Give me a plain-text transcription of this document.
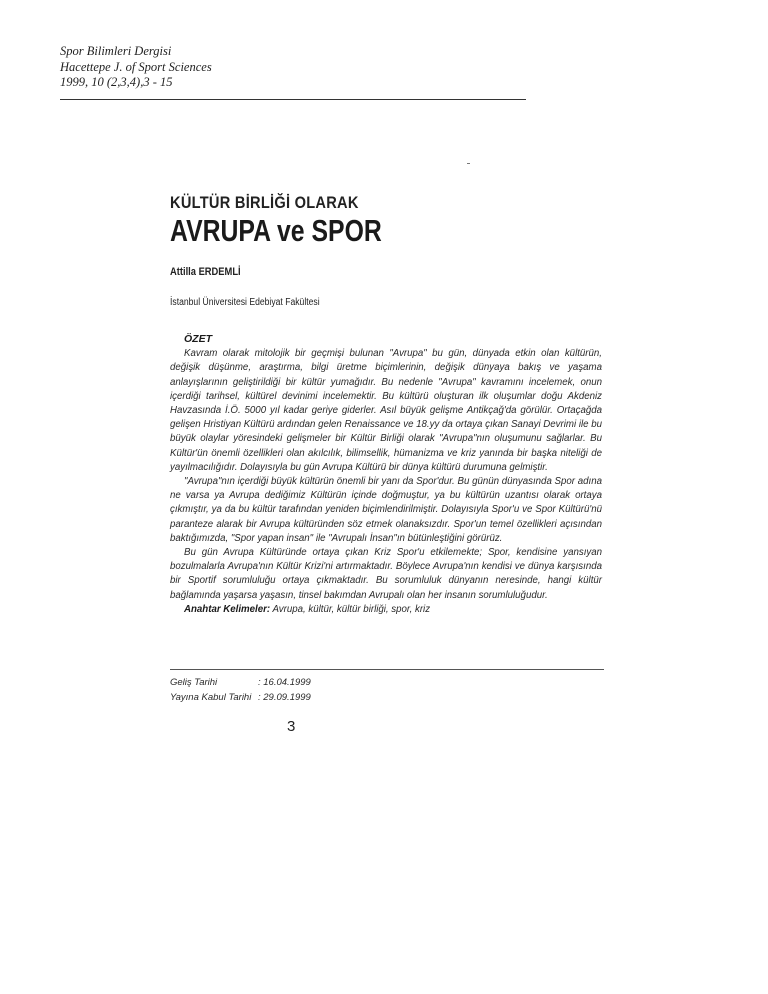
Spor Bilimleri Dergisi
Hacettepe J. of Sport Sciences
1999, 10 (2,3,4),3 - 15
KÜLTÜR BİRLİĞİ OLARAK
AVRUPA ve SPOR
Attilla ERDEMLİ
İstanbul Üniversitesi Edebiyat Fakültesi
ÖZET

Kavram olarak mitolojik bir geçmişi bulunan "Avrupa" bu gün, dünyada etkin olan kültürün, değişik düşünme, araştırma, bilgi üretme biçimlerinin, değişik dünyaya bakış ve yaşama anlayışlarının geliştirildiği bir kültür yumağıdır. Bu nedenle "Avrupa" kavramını incelemek, onun içerdiği tarihsel, kültürel devinimi incelemektir. Bu kültürü oluşturan ilk oluşumlar doğu Akdeniz Havzasında İ.Ö. 5000 yıl kadar geriye giderler. Asıl büyük gelişme Antikçağ'da görülür. Ortaçağda gelişen Hristiyan Kültürü ardından gelen Renaissance ve 18.yy da ortaya çıkan Sanayi Devrimi ile bu büyük olaylar yöresindeki gelişmeler bir Kültür Birliği olarak "Avrupa"nın oluşumunu sağlarlar. Bu Kültür'ün önemli özellikleri olan akılcılık, bilimsellik, hümanizma ve kriz yanında bir başka niteliği de yayılmacılığıdır. Dolayısıyla bu gün Avrupa Kültürü bir dünya kültürü durumuna gelmiştir.

"Avrupa"nın içerdiği büyük kültürün önemli bir yanı da Spor'dur. Bu günün dünyasında Spor adına ne varsa ya Avrupa dediğimiz Kültürün içinde doğmuştur, ya bu kültürün uzantısı olarak ortaya çıkmıştır, ya da bu kültür tarafından yeniden biçimlendirilmiştir. Dolayısıyla Spor'u ve Spor Kültürü'nü paranteze alarak bir Avrupa kültüründen söz etmek olanaksızdır. Spor'un temel özellikleri açısından baktığımızda, "Spor yapan insan" ile "Avrupalı İnsan"ın bütünleştiğini görürüz.

Bu gün Avrupa Kültüründe ortaya çıkan Kriz Spor'u etkilemekte; Spor, kendisine yansıyan bozulmalarla Avrupa'nın Kültür Krizi'ni artırmaktadır. Böylece Avrupa'nın kendisi ve dünya karşısında bir Sportif sorumluluğu ortaya çıkmaktadır. Bu sorumluluk dünyanın neresinde, hangi kültür bağlamında yaşarsa yaşasın, tinsel bakımdan Avrupalı olan her insanın sorumluluğudur.

Anahtar Kelimeler: Avrupa, kültür, kültür birliği, spor, kriz

Geliş Tarihi	: 16.04.1999
Yayına Kabul Tarihi : 29.09.1999
3
